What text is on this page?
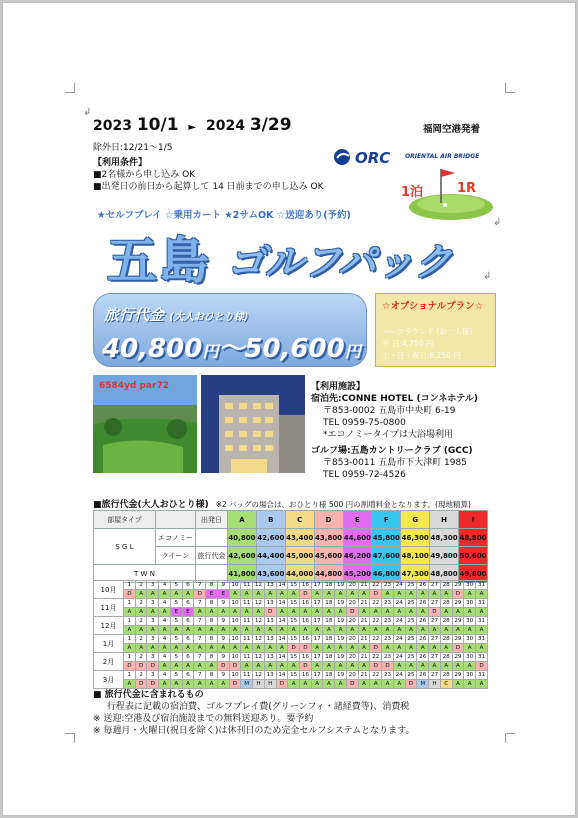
2023 10/1 ► 2024 3/29	福岡空港発着
除外日:12/21～1/5
【利用条件】
■2名様から申し込み OK
■出発日の前日から起算して 14 日前までの申し込み OK
ORC ORIENTAL AIR BRIDGE
1泊	1R
★セルフプレイ ☆乗用カート ★2サムOK ☆送迎あり(予約)
五島 ゴルフパック
旅行代金 (大人おひとり様)
40,800円～50,600円
☆オプショナルプラン☆
ハーフラウンド (お一人様)
平 日:4,750 円
土・日・祝日:6,250 円
6584yd par72	【利用施設】
宿泊先:CONNE HOTEL (コンネホテル)
〒853-0002 五島市中央町 6-19
TEL 0959-75-0800
*エコノミータイプは大浴場利用
ゴルフ場:五島カントリークラブ (GCC)
〒853-0011 五島市下大津町 1985
TEL 0959-72-4526
■旅行代金(大人おひとり様) ※2 バッグの場合は、おひとり様 500 円の割増料金となります。(現地精算)
部屋タイプ		出発日	A	B	C	D	E	F	G	H	I
S G L	エコノミー		40,800	42,600	43,400	43,800	44,600	45,800	46,300	48,300	48,800
	クイーン	旅行代金	42,600	44,400	45,000	45,600	46,200	47,600	48,100	49,800	50,600
T W N			41,800	43,600	44,000	44,800	45,200	46,800	47,300	48,800	49,800
10月	1	2	3	4	5	6	7	8	9	10	11	12	13	14	15	16	17	18	19	20	21	22	23	24	25	26	27	28	29	30	31
	D	A	A	A	A	A	D	E	E	A	A	A	A	A	A	D	A	A	A	A	A	D	A	A	A	A	A	A	D	A	A
11月	1	2	3	4	5	6	7	8	9	10	11	12	13	14	15	16	17	18	19	20	21	22	23	24	25	26	27	28	29	30	31
	A	A	A	A	E	E	A	A	A	A	A	A	D	A	A	A	A	A	A	D	A	A	A	A	A	A	D	A	A	A	A
12月	1	2	3	4	5	6	7	8	9	10	11	12	13	14	15	16	17	18	19	20	21	22	23	24	25	26	27	28	29	30	31
	A	A	A	A	A	A	A	A	A	A	A	A	A	A	A	A	A	A	A	A	A	A	A	A	A	A	A	A	A	A	A
1月	1	2	3	4	5	6	7	8	9	10	11	12	13	14	15	16	17	18	19	20	21	22	23	24	25	26	27	28	29	30	31
	A	A	A	A	A	A	A	A	A	A	A	A	A	A	D	D	A	A	A	A	A	D	A	A	A	A	A	A	D	A	A
2月	1	2	3	4	5	6	7	8	9	10	11	12	13	14	15	16	17	18	19	20	21	22	23	24	25	26	27	28	29	30	31
	D	D	D	A	A	A	A	A	D	D	A	A	A	A	A	D	A	A	A	A	A	D	D	A	A	A	A	A	A	A	D
3月	1	2	3	4	5	6	7	8	9	10	11	12	13	14	15	16	17	18	19	20	21	22	23	24	25	26	27	28	29	30	31
	A	D	D	A	A	A	A	A	A	D	M	H	H	D	A	A	A	A	A	D	A	A	A	A	D	M	H	C	A	A	A
■ 旅行代金に含まれるもの
行程表に記載の宿泊費、ゴルフプレイ費(グリーンフィ・諸経費等)、消費税
※ 送迎:空港及び宿泊施設までの無料送迎あり。要予約
※ 毎週月・火曜日(祝日を除く)は休刊日のため完全セルフシステムとなります。
↲
↲
↲
